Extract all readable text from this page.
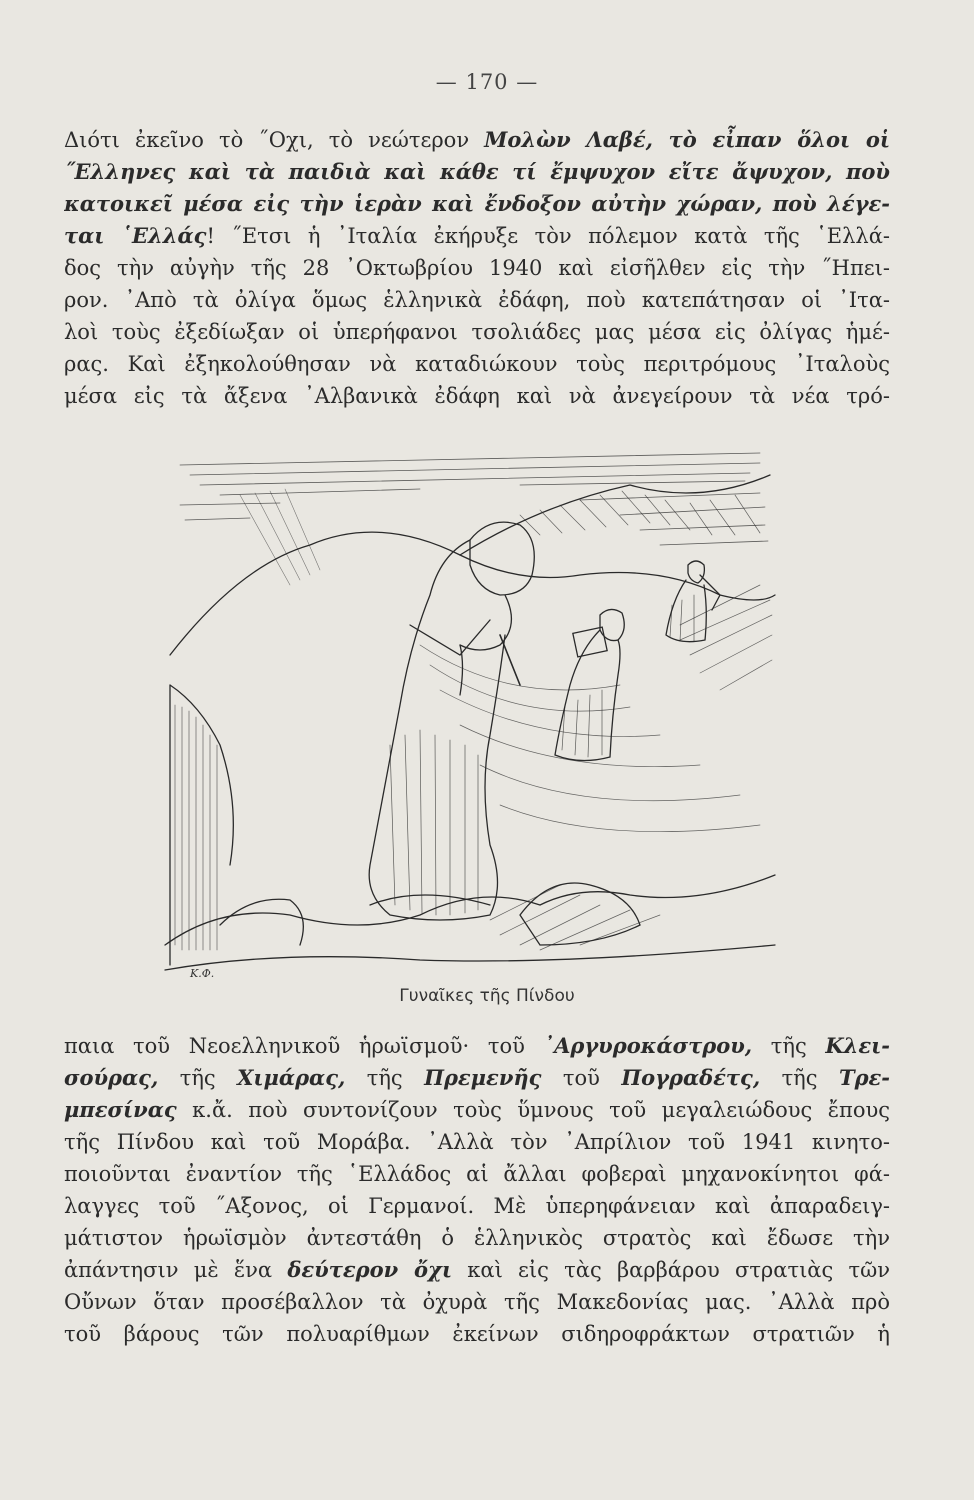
— 170 —
Διότι ἐκεῖνο τὸ ˝Οχι, τὸ νεώτερον Μολὼν Λαβέ, τὸ εἶπαν ὅλοι οἱ
˝Ελληνες καὶ τὰ παιδιὰ καὶ κάθε τί ἔμψυχον εἴτε ἄψυχον, ποὺ
κατοικεῖ μέσα εἰς τὴν ἱερὰν καὶ ἔνδοξον αὐτὴν χώραν, ποὺ λέγε-
ται ῾Ελλάς! ˝Ετσι ἡ ᾿Ιταλία ἐκήρυξε τὸν πόλεμον κατὰ τῆς ῾Ελλά-
δος τὴν αὐγὴν τῆς 28 ᾿Οκτωβρίου 1940 καὶ εἰσῆλθεν εἰς τὴν ˝Ηπει-
ρον. ᾿Απὸ τὰ ὀλίγα ὅμως ἑλληνικὰ ἐδάφη, ποὺ κατεπάτησαν οἱ ᾿Ιτα-
λοὶ τοὺς ἐξεδίωξαν οἱ ὑπερήφανοι τσολιάδες μας μέσα εἰς ὀλίγας ἡμέ-
ρας. Καὶ ἐξηκολούθησαν νὰ καταδιώκουν τοὺς περιτρόμους ᾿Ιταλοὺς
μέσα εἰς τὰ ἄξενα ᾿Αλβανικὰ ἐδάφη καὶ νὰ ἀνεγείρουν τὰ νέα τρό-
Κ.Φ.
Γυναῖκες τῆς Πίνδου
παια τοῦ Νεοελληνικοῦ ἡρωϊσμοῦ· τοῦ ᾿Αργυροκάστρου, τῆς Κλει-
σούρας, τῆς Χιμάρας, τῆς Πρεμενῆς τοῦ Πογραδέτς, τῆς Τρε-
μπεσίνας κ.ἄ. ποὺ συντονίζουν τοὺς ὕμνους τοῦ μεγαλειώδους ἔπους
τῆς Πίνδου καὶ τοῦ Μοράβα. ᾿Αλλὰ τὸν ᾿Απρίλιον τοῦ 1941 κινητο-
ποιοῦνται ἐναντίον τῆς ῾Ελλάδος αἱ ἄλλαι φοβεραὶ μηχανοκίνητοι φά-
λαγγες τοῦ ˝Αξονος, οἱ Γερμανοί. Μὲ ὑπερηφάνειαν καὶ ἀπαραδειγ-
μάτιστον ἡρωϊσμὸν ἀντεστάθη ὁ ἑλληνικὸς στρατὸς καὶ ἔδωσε τὴν
ἀπάντησιν μὲ ἕνα δεύτερον ὄχι καὶ εἰς τὰς βαρβάρου στρατιὰς τῶν
Οὔνων ὅταν προσέβαλλον τὰ ὀχυρὰ τῆς Μακεδονίας μας. ᾿Αλλὰ πρὸ
τοῦ βάρους τῶν πολυαρίθμων ἐκείνων σιδηροφράκτων στρατιῶν ἡ
